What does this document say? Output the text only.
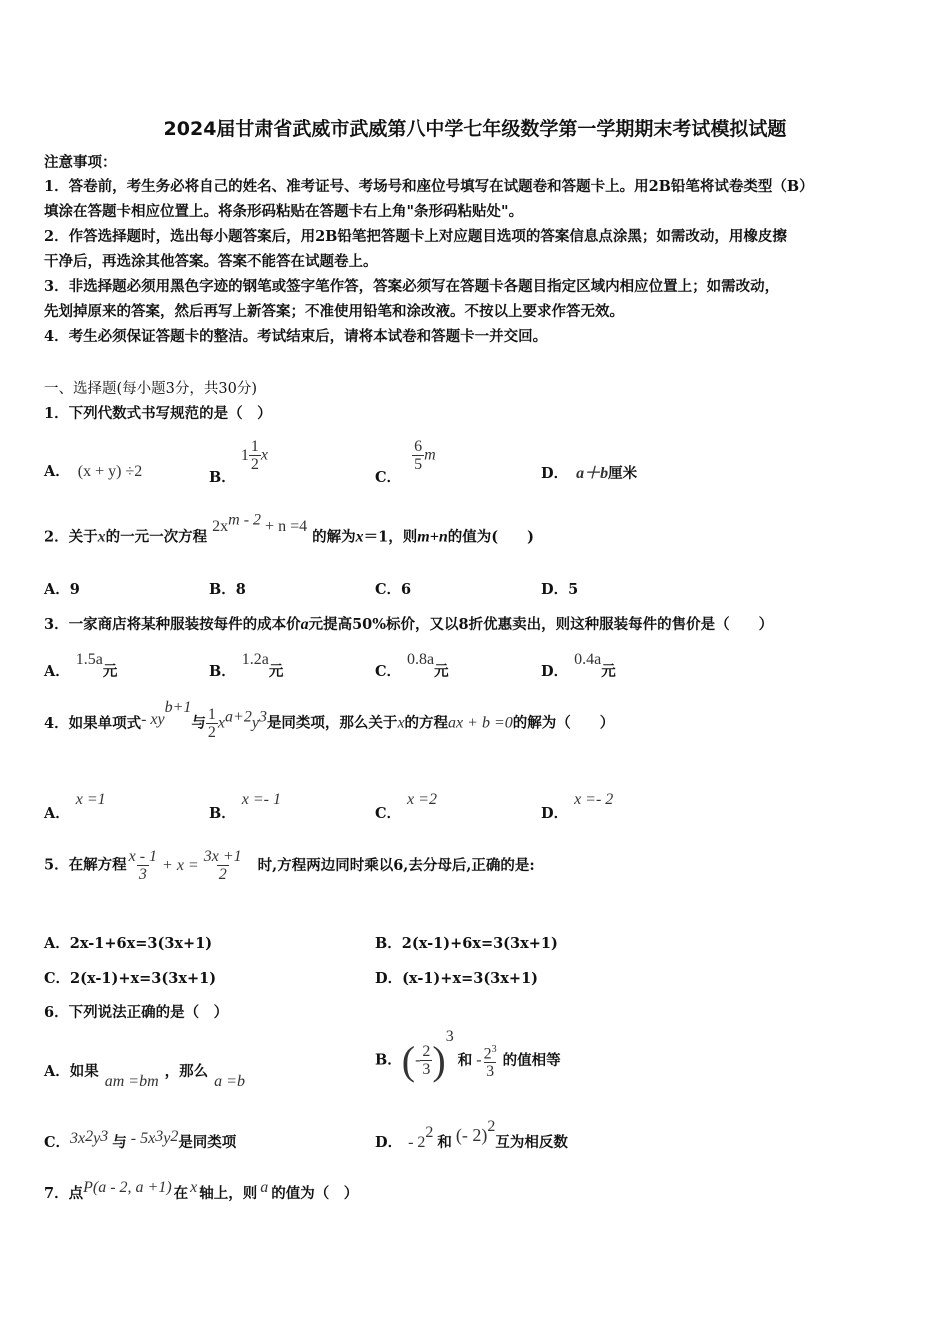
2024届甘肃省武威市武威第八中学七年级数学第一学期期末考试模拟试题
注意事项：
1．答卷前，考生务必将自己的姓名、准考证号、考场号和座位号填写在试题卷和答题卡上。用2B铅笔将试卷类型（B）
填涂在答题卡相应位置上。将条形码粘贴在答题卡右上角"条形码粘贴处"。
2．作答选择题时，选出每小题答案后，用2B铅笔把答题卡上对应题目选项的答案信息点涂黑；如需改动，用橡皮擦
干净后，再选涂其他答案。答案不能答在试题卷上。
3．非选择题必须用黑色字迹的钢笔或签字笔作答，答案必须写在答题卡各题目指定区域内相应位置上；如需改动，
先划掉原来的答案，然后再写上新答案；不准使用铅笔和涂改液。不按以上要求作答无效。
4．考生必须保证答题卡的整洁。考试结束后，请将本试卷和答题卡一并交回。
一、选择题(每小题3分，共30分)
1．下列代数式书写规范的是（　）
A． (x + y) ÷2	B． $1 \frac{1}{2}$ x
C．
$\frac{6}{5}$ m
D． a＋b厘米
2．关于x的一元一次方程 $2x^{m - 2} + n =4$ 的解为x＝1，则m+n的值为(　　)
A．9	B．8	C．6	D．5
3．一家商店将某种服装按每件的成本价a元提高50%标价，又以8折优惠卖出，则这种服装每件的售价是（　　）
A．1.5a元	B．1.2a元	C．0.8a元	D．0.4a元
4．如果单项式- $xy^{b+1}$与 $\frac{1}{2} x^{a+2}y^3$是同类项，那么关于x的方程ax + b =0的解为（　　）
A．x =1
B．x =- 1
C．x =2
D．x =- 2
5．在解方程 $\frac{x - 1}{3} + x = \frac{3x +1}{2}$ 时,方程两边同时乘以6,去分母后,正确的是:
A．2x-1+6x=3(3x+1)	B．2(x-1)+6x=3(3x+1)
C．2(x-1)+x=3(3x+1)	D．(x-1)+x=3(3x+1)
6．下列说法正确的是（　）
A．如果am =bm，那么a =b
B．(- $\frac{2}{3} )^3$和 - $\frac{2^3}{3}$ 的值相等
C．$3x^2y^3$ 与 - $5x^3y^2$是同类项	D． - $2^2$和 (- 2)$^2$互为相反数
7．点P(a - 2, a +1) 在 x 轴上，则 a 的值为（　）
